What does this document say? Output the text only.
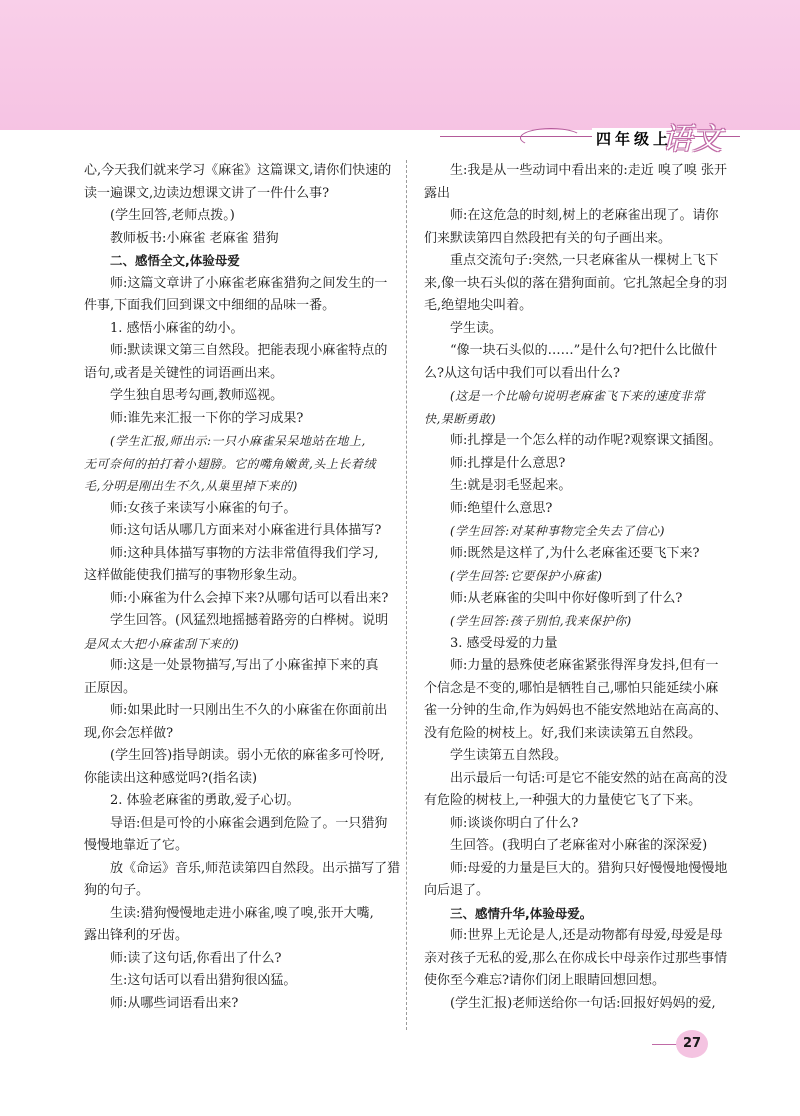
四年级上
语文
心,今天我们就来学习《麻雀》这篇课文,请你们快速的
读一遍课文,边读边想课文讲了一件什么事?
(学生回答,老师点拨。)
教师板书:小麻雀 老麻雀 猎狗
二、感悟全文,体验母爱
师:这篇文章讲了小麻雀老麻雀猎狗之间发生的一
件事,下面我们回到课文中细细的品味一番。
1. 感悟小麻雀的幼小。
师:默读课文第三自然段。把能表现小麻雀特点的
语句,或者是关键性的词语画出来。
学生独自思考勾画,教师巡视。
师:谁先来汇报一下你的学习成果?
(学生汇报,师出示:一只小麻雀呆呆地站在地上,
无可奈何的拍打着小翅膀。它的嘴角嫩黄,头上长着绒
毛,分明是刚出生不久,从巢里掉下来的)
师:女孩子来读写小麻雀的句子。
师:这句话从哪几方面来对小麻雀进行具体描写?
师:这种具体描写事物的方法非常值得我们学习,
这样做能使我们描写的事物形象生动。
师:小麻雀为什么会掉下来?从哪句话可以看出来?
学生回答。(风猛烈地摇撼着路旁的白桦树。说明
是风太大把小麻雀刮下来的)
师:这是一处景物描写,写出了小麻雀掉下来的真
正原因。
师:如果此时一只刚出生不久的小麻雀在你面前出
现,你会怎样做?
(学生回答)指导朗读。弱小无依的麻雀多可怜呀,
你能读出这种感觉吗?(指名读)
2. 体验老麻雀的勇敢,爱子心切。
导语:但是可怜的小麻雀会遇到危险了。一只猎狗
慢慢地靠近了它。
放《命运》音乐,师范读第四自然段。出示描写了猎
狗的句子。
生读:猎狗慢慢地走进小麻雀,嗅了嗅,张开大嘴,
露出锋利的牙齿。
师:读了这句话,你看出了什么?
生:这句话可以看出猎狗很凶猛。
师:从哪些词语看出来?
生:我是从一些动词中看出来的:走近 嗅了嗅 张开
露出
师:在这危急的时刻,树上的老麻雀出现了。请你
们来默读第四自然段把有关的句子画出来。
重点交流句子:突然,一只老麻雀从一棵树上飞下
来,像一块石头似的落在猎狗面前。它扎煞起全身的羽
毛,绝望地尖叫着。
学生读。
“像一块石头似的……”是什么句?把什么比做什
么?从这句话中我们可以看出什么?
(这是一个比喻句说明老麻雀飞下来的速度非常
快,果断勇敢)
师:扎撑是一个怎么样的动作呢?观察课文插图。
师:扎撑是什么意思?
生:就是羽毛竖起来。
师:绝望什么意思?
(学生回答:对某种事物完全失去了信心)
师:既然是这样了,为什么老麻雀还要飞下来?
(学生回答:它要保护小麻雀)
师:从老麻雀的尖叫中你好像听到了什么?
(学生回答:孩子别怕,我来保护你)
3. 感受母爱的力量
师:力量的悬殊使老麻雀紧张得浑身发抖,但有一
个信念是不变的,哪怕是牺牲自己,哪怕只能延续小麻
雀一分钟的生命,作为妈妈也不能安然地站在高高的、
没有危险的树枝上。好,我们来读读第五自然段。
学生读第五自然段。
出示最后一句话:可是它不能安然的站在高高的没
有危险的树枝上,一种强大的力量使它飞了下来。
师:谈谈你明白了什么?
生回答。(我明白了老麻雀对小麻雀的深深爱)
师:母爱的力量是巨大的。猎狗只好慢慢地慢慢地
向后退了。
三、感情升华,体验母爱。
师:世界上无论是人,还是动物都有母爱,母爱是母
亲对孩子无私的爱,那么在你成长中母亲作过那些事情
使你至今难忘?请你们闭上眼睛回想回想。
(学生汇报)老师送给你一句话:回报好妈妈的爱,
27
